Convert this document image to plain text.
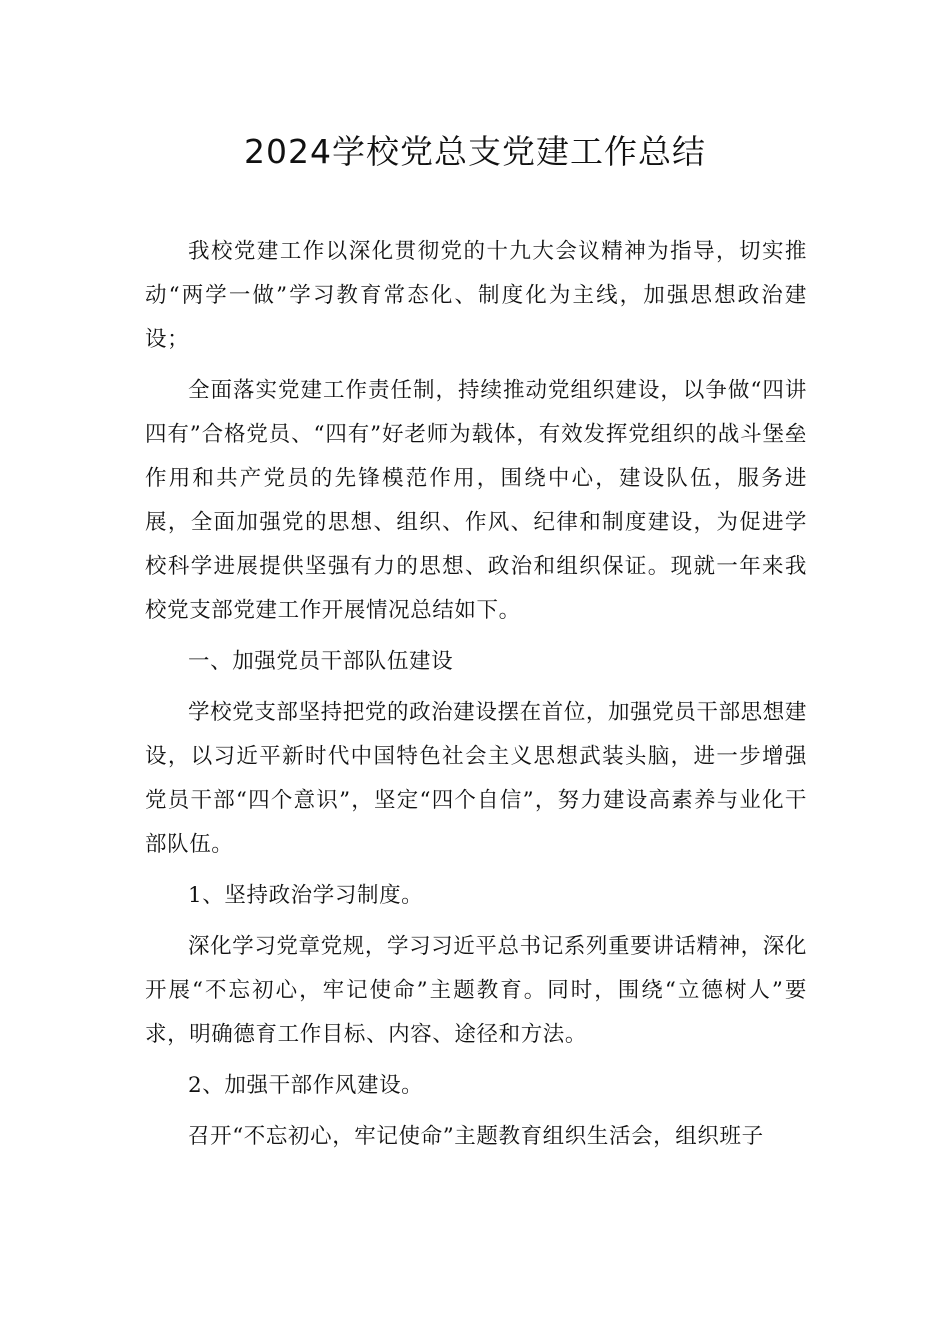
2024学校党总支党建工作总结

我校党建工作以深化贯彻党的十九大会议精神为指导，切实推动“两学一做”学习教育常态化、制度化为主线，加强思想政治建设；

全面落实党建工作责任制，持续推动党组织建设，以争做“四讲四有”合格党员、“四有”好老师为载体，有效发挥党组织的战斗堡垒作用和共产党员的先锋模范作用，围绕中心，建设队伍，服务进展，全面加强党的思想、组织、作风、纪律和制度建设，为促进学校科学进展提供坚强有力的思想、政治和组织保证。现就一年来我校党支部党建工作开展情况总结如下。

一、加强党员干部队伍建设

学校党支部坚持把党的政治建设摆在首位，加强党员干部思想建设，以习近平新时代中国特色社会主义思想武装头脑，进一步增强党员干部“四个意识”，坚定“四个自信”，努力建设高素养与业化干部队伍。

1、坚持政治学习制度。

深化学习党章党规，学习习近平总书记系列重要讲话精神，深化开展“不忘初心，牢记使命”主题教育。同时，围绕“立德树人”要求，明确德育工作目标、内容、途径和方法。

2、加强干部作风建设。

召开“不忘初心，牢记使命”主题教育组织生活会，组织班子
